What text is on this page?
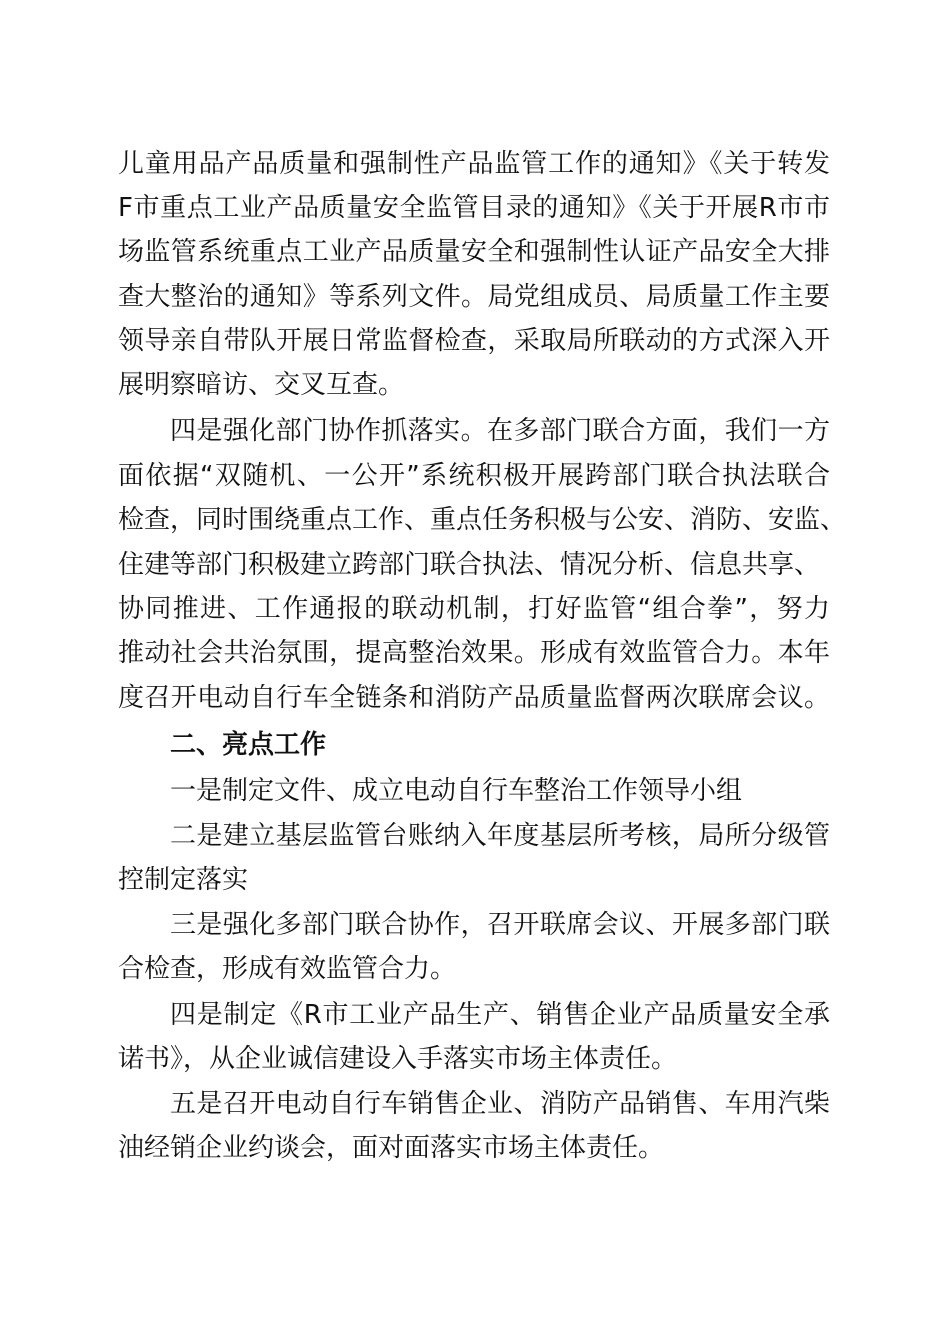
儿童用品产品质量和强制性产品监管工作的通知》《关于转发
F市重点工业产品质量安全监管目录的通知》《关于开展R市市
场监管系统重点工业产品质量安全和强制性认证产品安全大排
查大整治的通知》等系列文件。局党组成员、局质量工作主要
领导亲自带队开展日常监督检查，采取局所联动的方式深入开
展明察暗访、交叉互查。
四是强化部门协作抓落实。在多部门联合方面，我们一方
面依据“双随机、一公开”系统积极开展跨部门联合执法联合
检查，同时围绕重点工作、重点任务积极与公安、消防、安监、
住建等部门积极建立跨部门联合执法、情况分析、信息共享、
协同推进、工作通报的联动机制，打好监管“组合拳”，努力
推动社会共治氛围，提高整治效果。形成有效监管合力。本年
度召开电动自行车全链条和消防产品质量监督两次联席会议。
二、亮点工作
一是制定文件、成立电动自行车整治工作领导小组
二是建立基层监管台账纳入年度基层所考核，局所分级管
控制定落实
三是强化多部门联合协作，召开联席会议、开展多部门联
合检查，形成有效监管合力。
四是制定《R市工业产品生产、销售企业产品质量安全承
诺书》，从企业诚信建设入手落实市场主体责任。
五是召开电动自行车销售企业、消防产品销售、车用汽柴
油经销企业约谈会，面对面落实市场主体责任。
